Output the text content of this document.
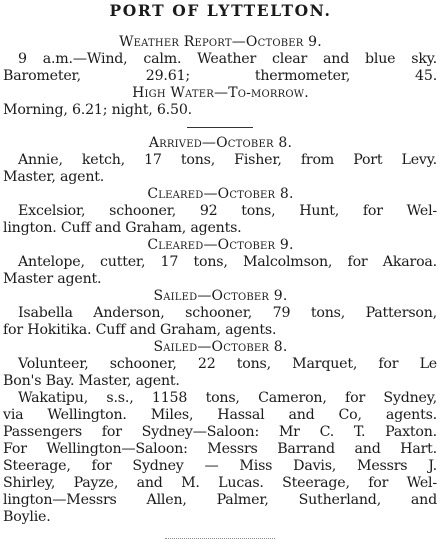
PORT OF LYTTELTON.
Weather Report—October 9.
9 a.m.—Wind, calm. Weather clear and blue sky.
Barometer, 29.61; thermometer, 45.
High Water—To-morrow.
Morning, 6.21; night, 6.50.
Arrived—October 8.
Annie, ketch, 17 tons, Fisher, from Port Levy.
Master, agent.
Cleared—October 8.
Excelsior, schooner, 92 tons, Hunt, for Wel-
lington. Cuff and Graham, agents.
Cleared—October 9.
Antelope, cutter, 17 tons, Malcolmson, for Akaroa.
Master agent.
Sailed—October 9.
Isabella Anderson, schooner, 79 tons, Patterson,
for Hokitika. Cuff and Graham, agents.
Sailed—October 8.
Volunteer, schooner, 22 tons, Marquet, for Le
Bon's Bay. Master, agent.
Wakatipu, s.s., 1158 tons, Cameron, for Sydney,
via Wellington. Miles, Hassal and Co, agents.
Passengers for Sydney—Saloon: Mr C. T. Paxton.
For Wellington—Saloon: Messrs Barrand and Hart.
Steerage, for Sydney — Miss Davis, Messrs J.
Shirley, Payze, and M. Lucas. Steerage, for Wel-
lington—Messrs Allen, Palmer, Sutherland, and
Boylie.
